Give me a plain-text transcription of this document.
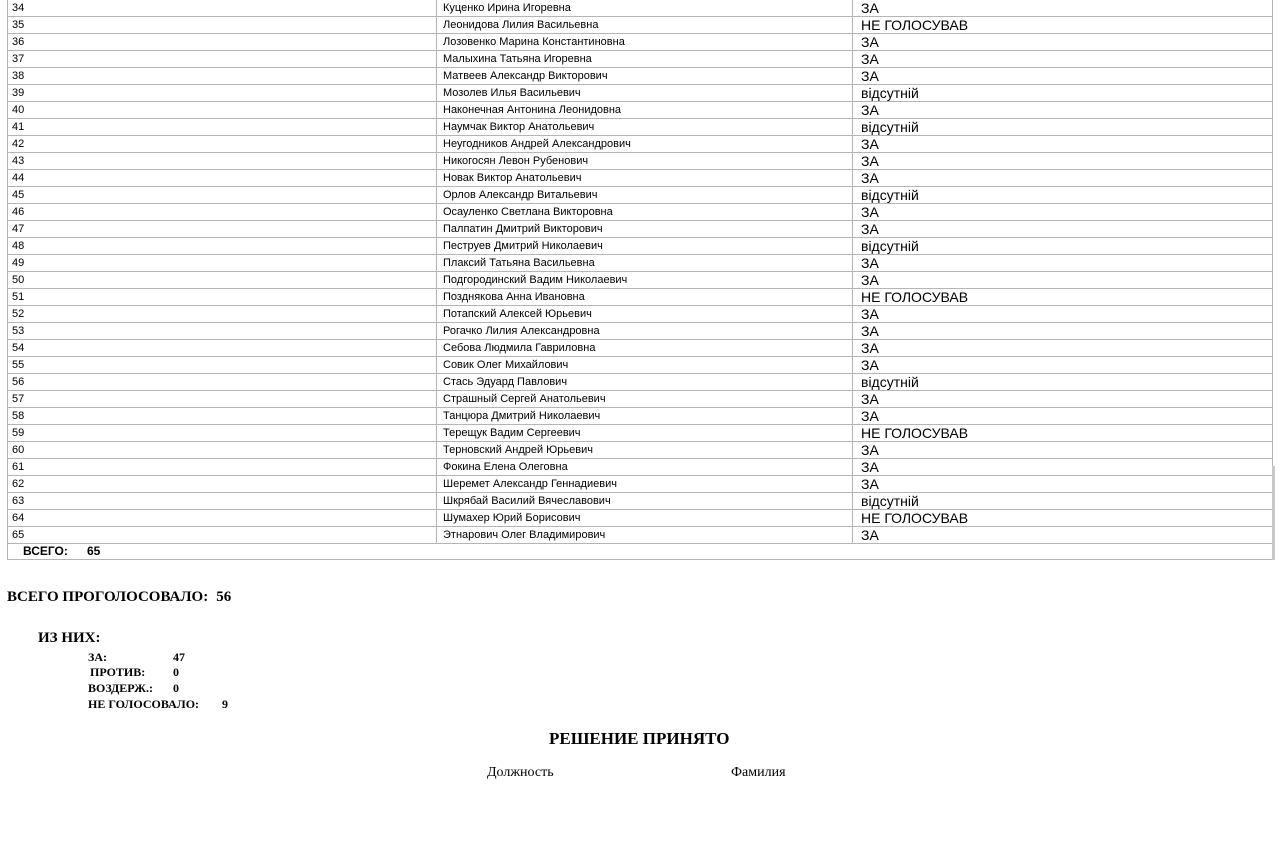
34	Куценко Ирина Игоревна	ЗА
35	Леонидова Лилия Васильевна	НЕ ГОЛОСУВАВ
36	Лозовенко Марина Константиновна	ЗА
37	Малыхина Татьяна Игоревна	ЗА
38	Матвеев Александр Викторович	ЗА
39	Мозолев Илья Васильевич	відсутній
40	Наконечная Антонина Леонидовна	ЗА
41	Наумчак Виктор Анатольевич	відсутній
42	Неугодников Андрей Александрович	ЗА
43	Никогосян Левон Рубенович	ЗА
44	Новак Виктор Анатольевич	ЗА
45	Орлов Александр Витальевич	відсутній
46	Осауленко Светлана Викторовна	ЗА
47	Палпатин Дмитрий Викторович	ЗА
48	Пеструев Дмитрий Николаевич	відсутній
49	Плаксий Татьяна Васильевна	ЗА
50	Подгородинский Вадим Николаевич	ЗА
51	Позднякова Анна Ивановна	НЕ ГОЛОСУВАВ
52	Потапский Алексей Юрьевич	ЗА
53	Рогачко Лилия Александровна	ЗА
54	Себова Людмила Гавриловна	ЗА
55	Совик Олег Михайлович	ЗА
56	Стась Эдуард Павлович	відсутній
57	Страшный Сергей Анатольевич	ЗА
58	Танцюра Дмитрий Николаевич	ЗА
59	Терещук Вадим Сергеевич	НЕ ГОЛОСУВАВ
60	Терновский Андрей Юрьевич	ЗА
61	Фокина Елена Олеговна	ЗА
62	Шеремет Александр Геннадиевич	ЗА
63	Шкрябай Василий Вячеславович	відсутній
64	Шумахер Юрий Борисович	НЕ ГОЛОСУВАВ
65	Этнарович Олег Владимирович	ЗА
ВСЕГО: 65
ВСЕГО ПРОГОЛОСОВАЛО: 56
ИЗ НИХ:
ЗА:	47
ПРОТИВ: 0
ВОЗДЕРЖ.: 0
НЕ ГОЛОСОВАЛО: 9
РЕШЕНИЕ ПРИНЯТО
Должность	Фамилия
